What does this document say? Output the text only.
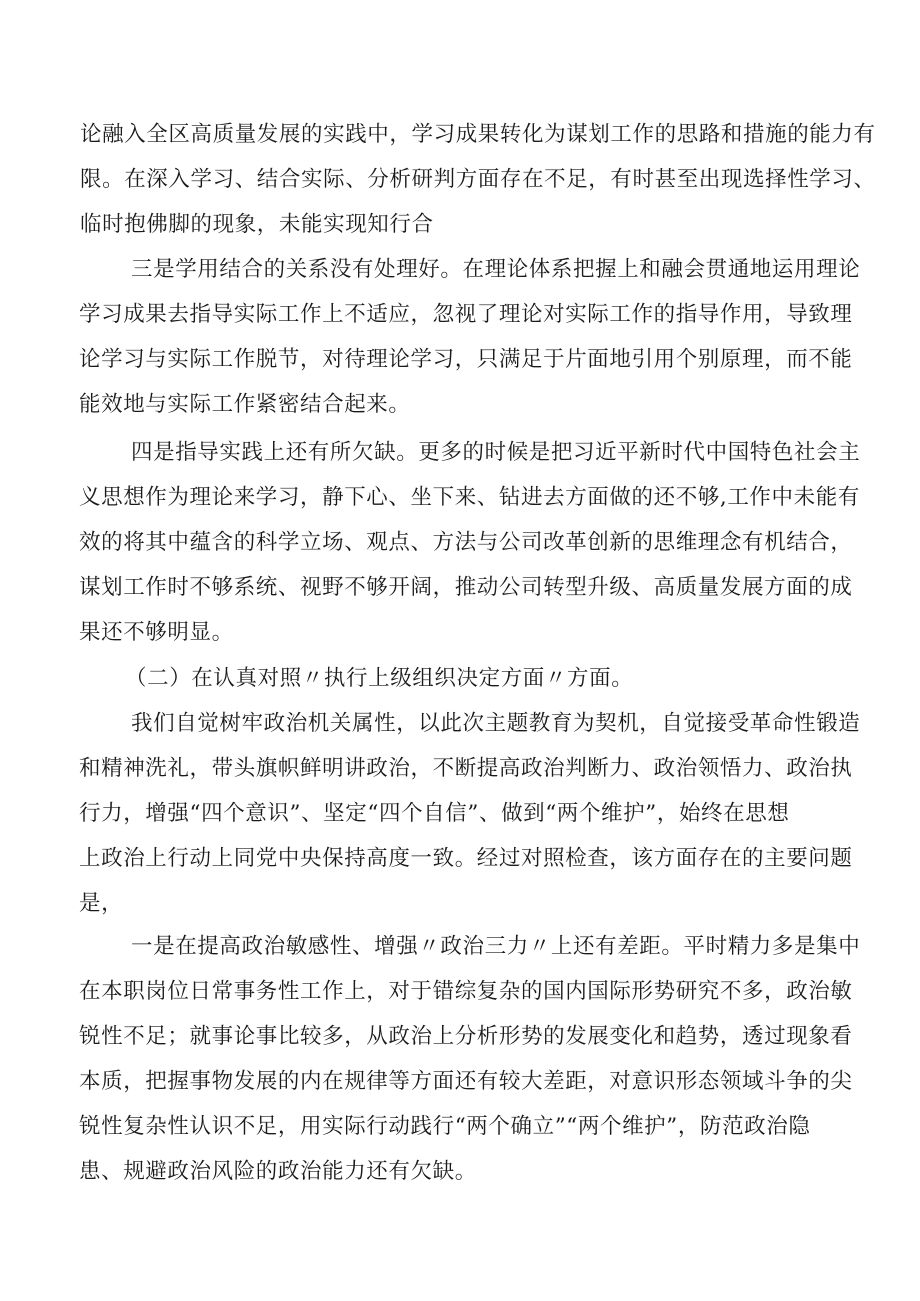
论融入全区高质量发展的实践中，学习成果转化为谋划工作的思路和措施的能力有
限。在深入学习、结合实际、分析研判方面存在不足，有时甚至出现选择性学习、
临时抱佛脚的现象，未能实现知行合
三是学用结合的关系没有处理好。在理论体系把握上和融会贯通地运用理论
学习成果去指导实际工作上不适应，忽视了理论对实际工作的指导作用，导致理
论学习与实际工作脱节，对待理论学习，只满足于片面地引用个别原理，而不能
能效地与实际工作紧密结合起来。
四是指导实践上还有所欠缺。更多的时候是把习近平新时代中国特色社会主
义思想作为理论来学习，静下心、坐下来、钻进去方面做的还不够,工作中未能有
效的将其中蕴含的科学立场、观点、方法与公司改革创新的思维理念有机结合，
谋划工作时不够系统、视野不够开阔，推动公司转型升级、高质量发展方面的成
果还不够明显。
（二）在认真对照〃执行上级组织决定方面〃方面。
我们自觉树牢政治机关属性，以此次主题教育为契机，自觉接受革命性锻造
和精神洗礼，带头旗帜鲜明讲政治，不断提高政治判断力、政治领悟力、政治执
行力，增强“四个意识”、坚定“四个自信”、做到“两个维护”，始终在思想
上政治上行动上同党中央保持高度一致。经过对照检查，该方面存在的主要问题
是，
一是在提高政治敏感性、增强〃政治三力〃上还有差距。平时精力多是集中
在本职岗位日常事务性工作上，对于错综复杂的国内国际形势研究不多，政治敏
锐性不足；就事论事比较多，从政治上分析形势的发展变化和趋势，透过现象看
本质，把握事物发展的内在规律等方面还有较大差距，对意识形态领域斗争的尖
锐性复杂性认识不足，用实际行动践行“两个确立”“两个维护”，防范政治隐
患、规避政治风险的政治能力还有欠缺。
